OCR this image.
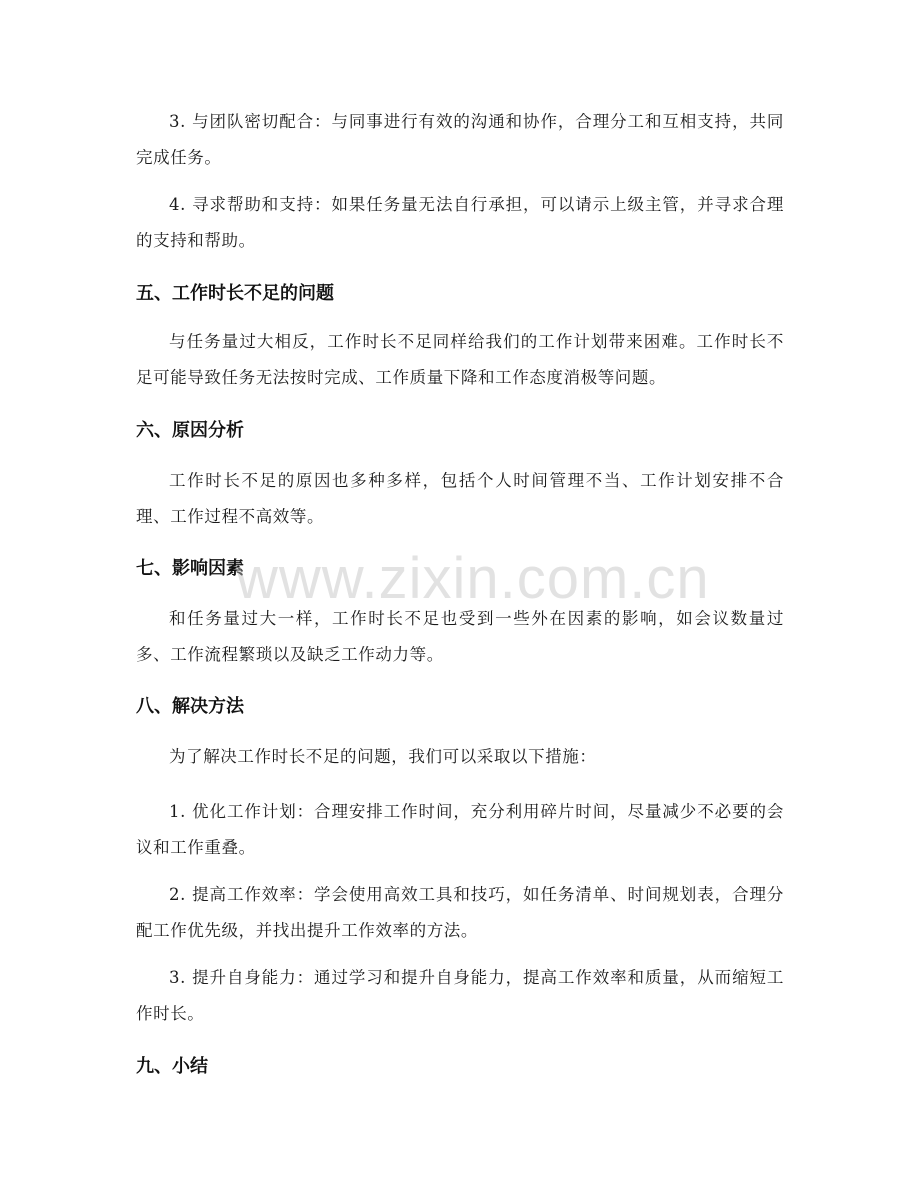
3. 与团队密切配合：与同事进行有效的沟通和协作，合理分工和互相支持，共同完成任务。

4. 寻求帮助和支持：如果任务量无法自行承担，可以请示上级主管，并寻求合理的支持和帮助。

五、工作时长不足的问题

与任务量过大相反，工作时长不足同样给我们的工作计划带来困难。工作时长不足可能导致任务无法按时完成、工作质量下降和工作态度消极等问题。

六、原因分析

工作时长不足的原因也多种多样，包括个人时间管理不当、工作计划安排不合理、工作过程不高效等。

七、影响因素

和任务量过大一样，工作时长不足也受到一些外在因素的影响，如会议数量过多、工作流程繁琐以及缺乏工作动力等。

八、解决方法

为了解决工作时长不足的问题，我们可以采取以下措施：

1. 优化工作计划：合理安排工作时间，充分利用碎片时间，尽量减少不必要的会议和工作重叠。

2. 提高工作效率：学会使用高效工具和技巧，如任务清单、时间规划表，合理分配工作优先级，并找出提升工作效率的方法。

3. 提升自身能力：通过学习和提升自身能力，提高工作效率和质量，从而缩短工作时长。

九、小结
www.zixin.com.cn
